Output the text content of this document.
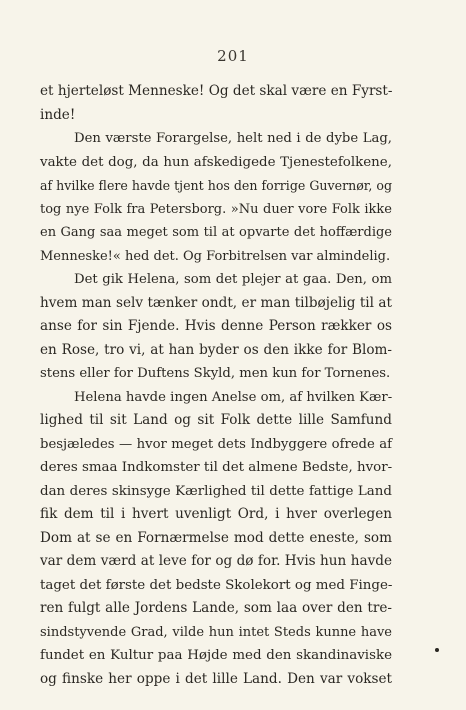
201
et hjerteløst Menneske! Og det skal være en Fyrst-
inde!
Den værste Forargelse, helt ned i de dybe Lag,
vakte det dog, da hun afskedigede Tjenestefolkene,
af hvilke flere havde tjent hos den forrige Guvernør, og
tog nye Folk fra Petersborg. »Nu duer vore Folk ikke
en Gang saa meget som til at opvarte det hoffærdige
Menneske!« hed det. Og Forbitrelsen var almindelig.
Det gik Helena, som det plejer at gaa. Den, om
hvem man selv tænker ondt, er man tilbøjelig til at
anse for sin Fjende. Hvis denne Person rækker os
en Rose, tro vi, at han byder os den ikke for Blom-
stens eller for Duftens Skyld, men kun for Tornenes.
Helena havde ingen Anelse om, af hvilken Kær-
lighed til sit Land og sit Folk dette lille Samfund
besjæledes — hvor meget dets Indbyggere ofrede af
deres smaa Indkomster til det almene Bedste, hvor-
dan deres skinsyge Kærlighed til dette fattige Land
fik dem til i hvert uvenligt Ord, i hver overlegen
Dom at se en Fornærmelse mod dette eneste, som
var dem værd at leve for og dø for. Hvis hun havde
taget det første det bedste Skolekort og med Finge-
ren fulgt alle Jordens Lande, som laa over den tre-
sindstyvende Grad, vilde hun intet Steds kunne have
fundet en Kultur paa Højde med den skandinaviske
og finske her oppe i det lille Land. Den var vokset
